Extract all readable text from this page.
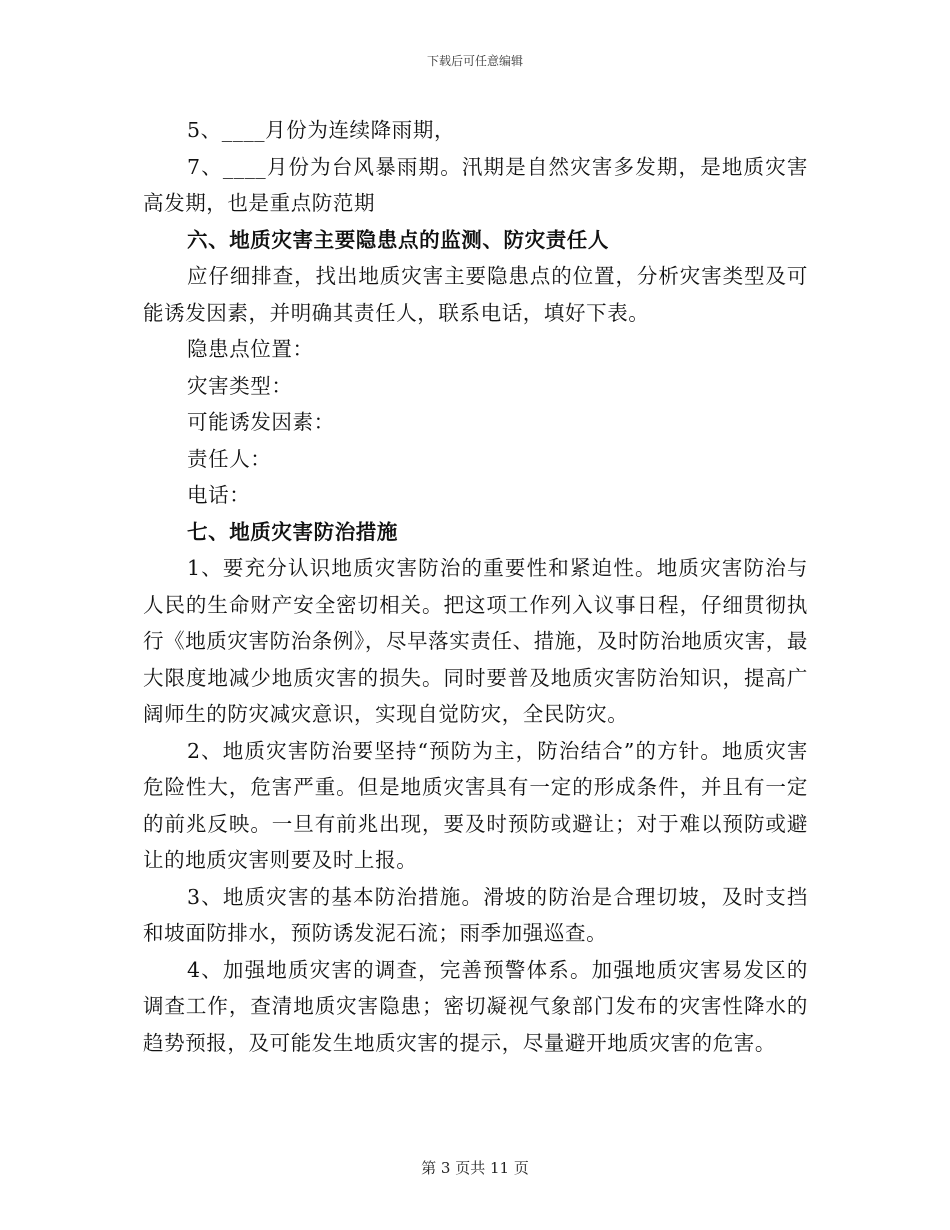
下载后可任意编辑

5、____月份为连续降雨期，

7、____月份为台风暴雨期。汛期是自然灾害多发期，是地质灾害高发期，也是重点防范期

六、地质灾害主要隐患点的监测、防灾责任人

应仔细排查，找出地质灾害主要隐患点的位置，分析灾害类型及可能诱发因素，并明确其责任人，联系电话，填好下表。

隐患点位置：

灾害类型：

可能诱发因素：

责任人：

电话：

七、地质灾害防治措施

1、要充分认识地质灾害防治的重要性和紧迫性。地质灾害防治与人民的生命财产安全密切相关。把这项工作列入议事日程，仔细贯彻执行《地质灾害防治条例》，尽早落实责任、措施，及时防治地质灾害，最大限度地减少地质灾害的损失。同时要普及地质灾害防治知识，提高广阔师生的防灾减灾意识，实现自觉防灾，全民防灾。

2、地质灾害防治要坚持“预防为主，防治结合”的方针。地质灾害危险性大，危害严重。但是地质灾害具有一定的形成条件，并且有一定的前兆反映。一旦有前兆出现，要及时预防或避让；对于难以预防或避让的地质灾害则要及时上报。

3、地质灾害的基本防治措施。滑坡的防治是合理切坡，及时支挡和坡面防排水，预防诱发泥石流；雨季加强巡查。

4、加强地质灾害的调查，完善预警体系。加强地质灾害易发区的调查工作，查清地质灾害隐患；密切凝视气象部门发布的灾害性降水的趋势预报，及可能发生地质灾害的提示，尽量避开地质灾害的危害。

第 3 页共 11 页
